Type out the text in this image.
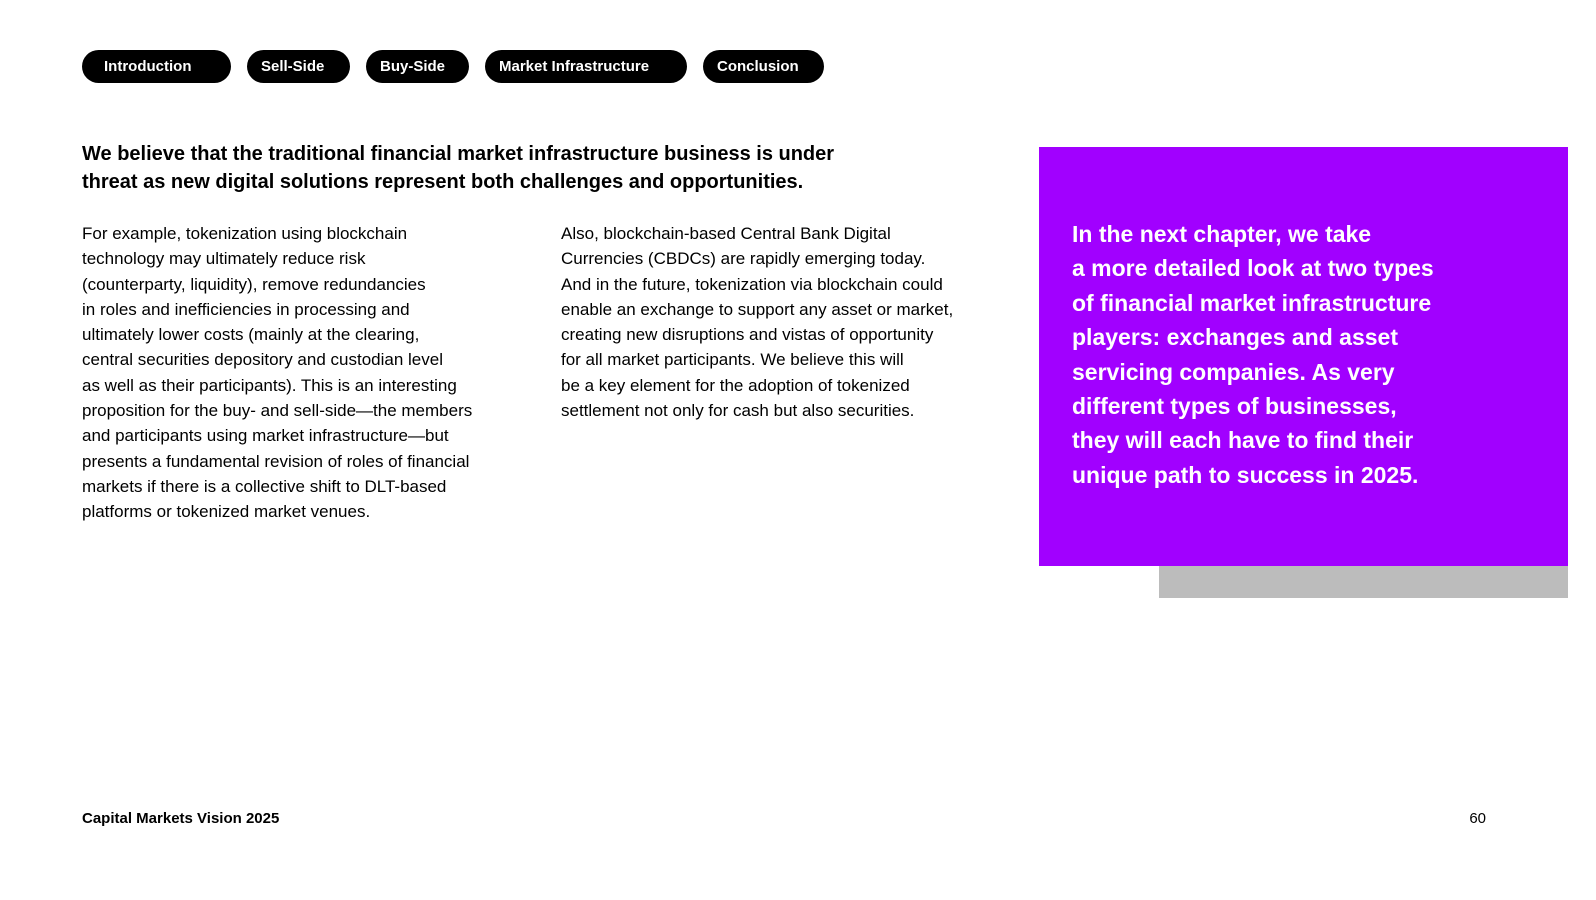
Introduction	Sell-Side	Buy-Side	Market Infrastructure	Conclusion
We believe that the traditional financial market infrastructure business is under
threat as new digital solutions represent both challenges and opportunities.

For example, tokenization using blockchain
technology may ultimately reduce risk
(counterparty, liquidity), remove redundancies
in roles and inefficiencies in processing and
ultimately lower costs (mainly at the clearing,
central securities depository and custodian level
as well as their participants). This is an interesting
proposition for the buy- and sell-side—the members
and participants using market infrastructure—but
presents a fundamental revision of roles of financial
markets if there is a collective shift to DLT-based
platforms or tokenized market venues.

Also, blockchain-based Central Bank Digital
Currencies (CBDCs) are rapidly emerging today.
And in the future, tokenization via blockchain could
enable an exchange to support any asset or market,
creating new disruptions and vistas of opportunity
for all market participants. We believe this will
be a key element for the adoption of tokenized
settlement not only for cash but also securities.

In the next chapter, we take
a more detailed look at two types
of financial market infrastructure
players: exchanges and asset
servicing companies. As very
different types of businesses,
they will each have to find their
unique path to success in 2025.

Capital Markets Vision 2025	60
